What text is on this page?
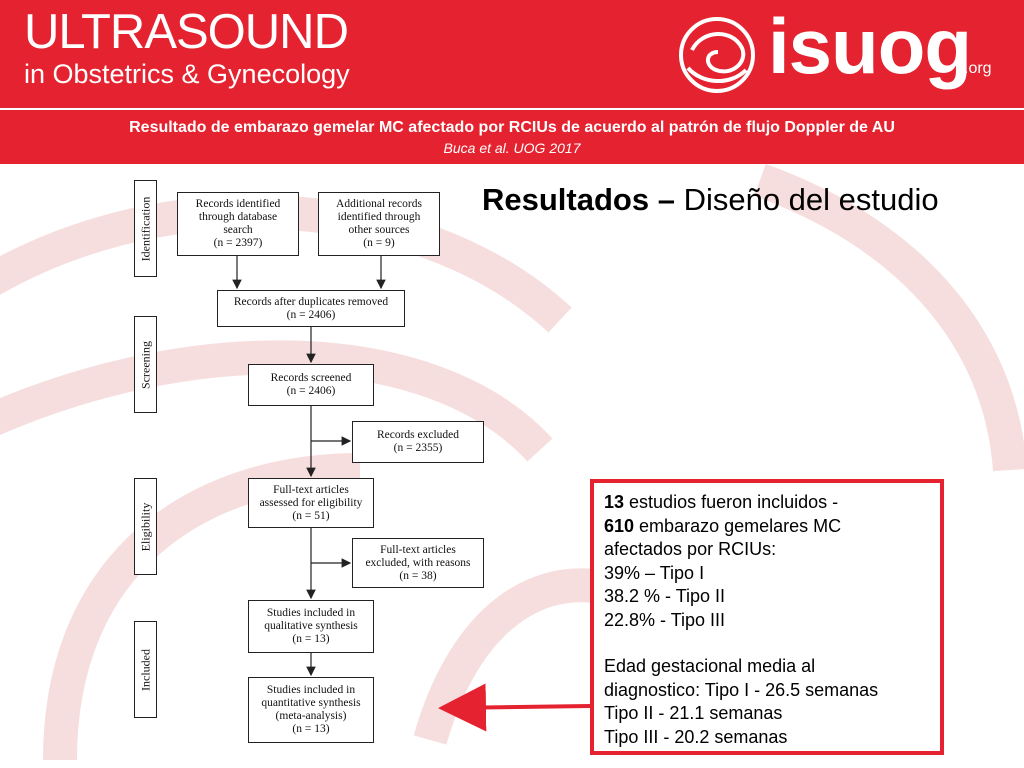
ULTRASOUND
in Obstetrics & Gynecology	isuog
.org
Resultado de embarazo gemelar MC afectado por RCIUs de acuerdo al patrón de flujo Doppler de AU
Buca et al. UOG 2017
Resultados – Diseño del estudio
Identification
Screening
Eligibility
Included
Records identified
through database
search
(n = 2397)
Additional records
identified through
other sources
(n = 9)
Records after duplicates removed
(n = 2406)
Records screened
(n = 2406)
Records excluded
(n = 2355)
Full-text articles
assessed for eligibility
(n = 51)
Full-text articles
excluded, with reasons
(n = 38)
Studies included in
qualitative synthesis
(n = 13)
Studies included in
quantitative synthesis
(meta-analysis)
(n = 13)
13 estudios fueron incluidos -
610 embarazo gemelares MC
afectados por RCIUs:
39% – Tipo I
38.2 % - Tipo II
22.8% - Tipo III
Edad gestacional media al
diagnostico: Tipo I - 26.5 semanas
Tipo II - 21.1 semanas
Tipo III - 20.2 semanas
